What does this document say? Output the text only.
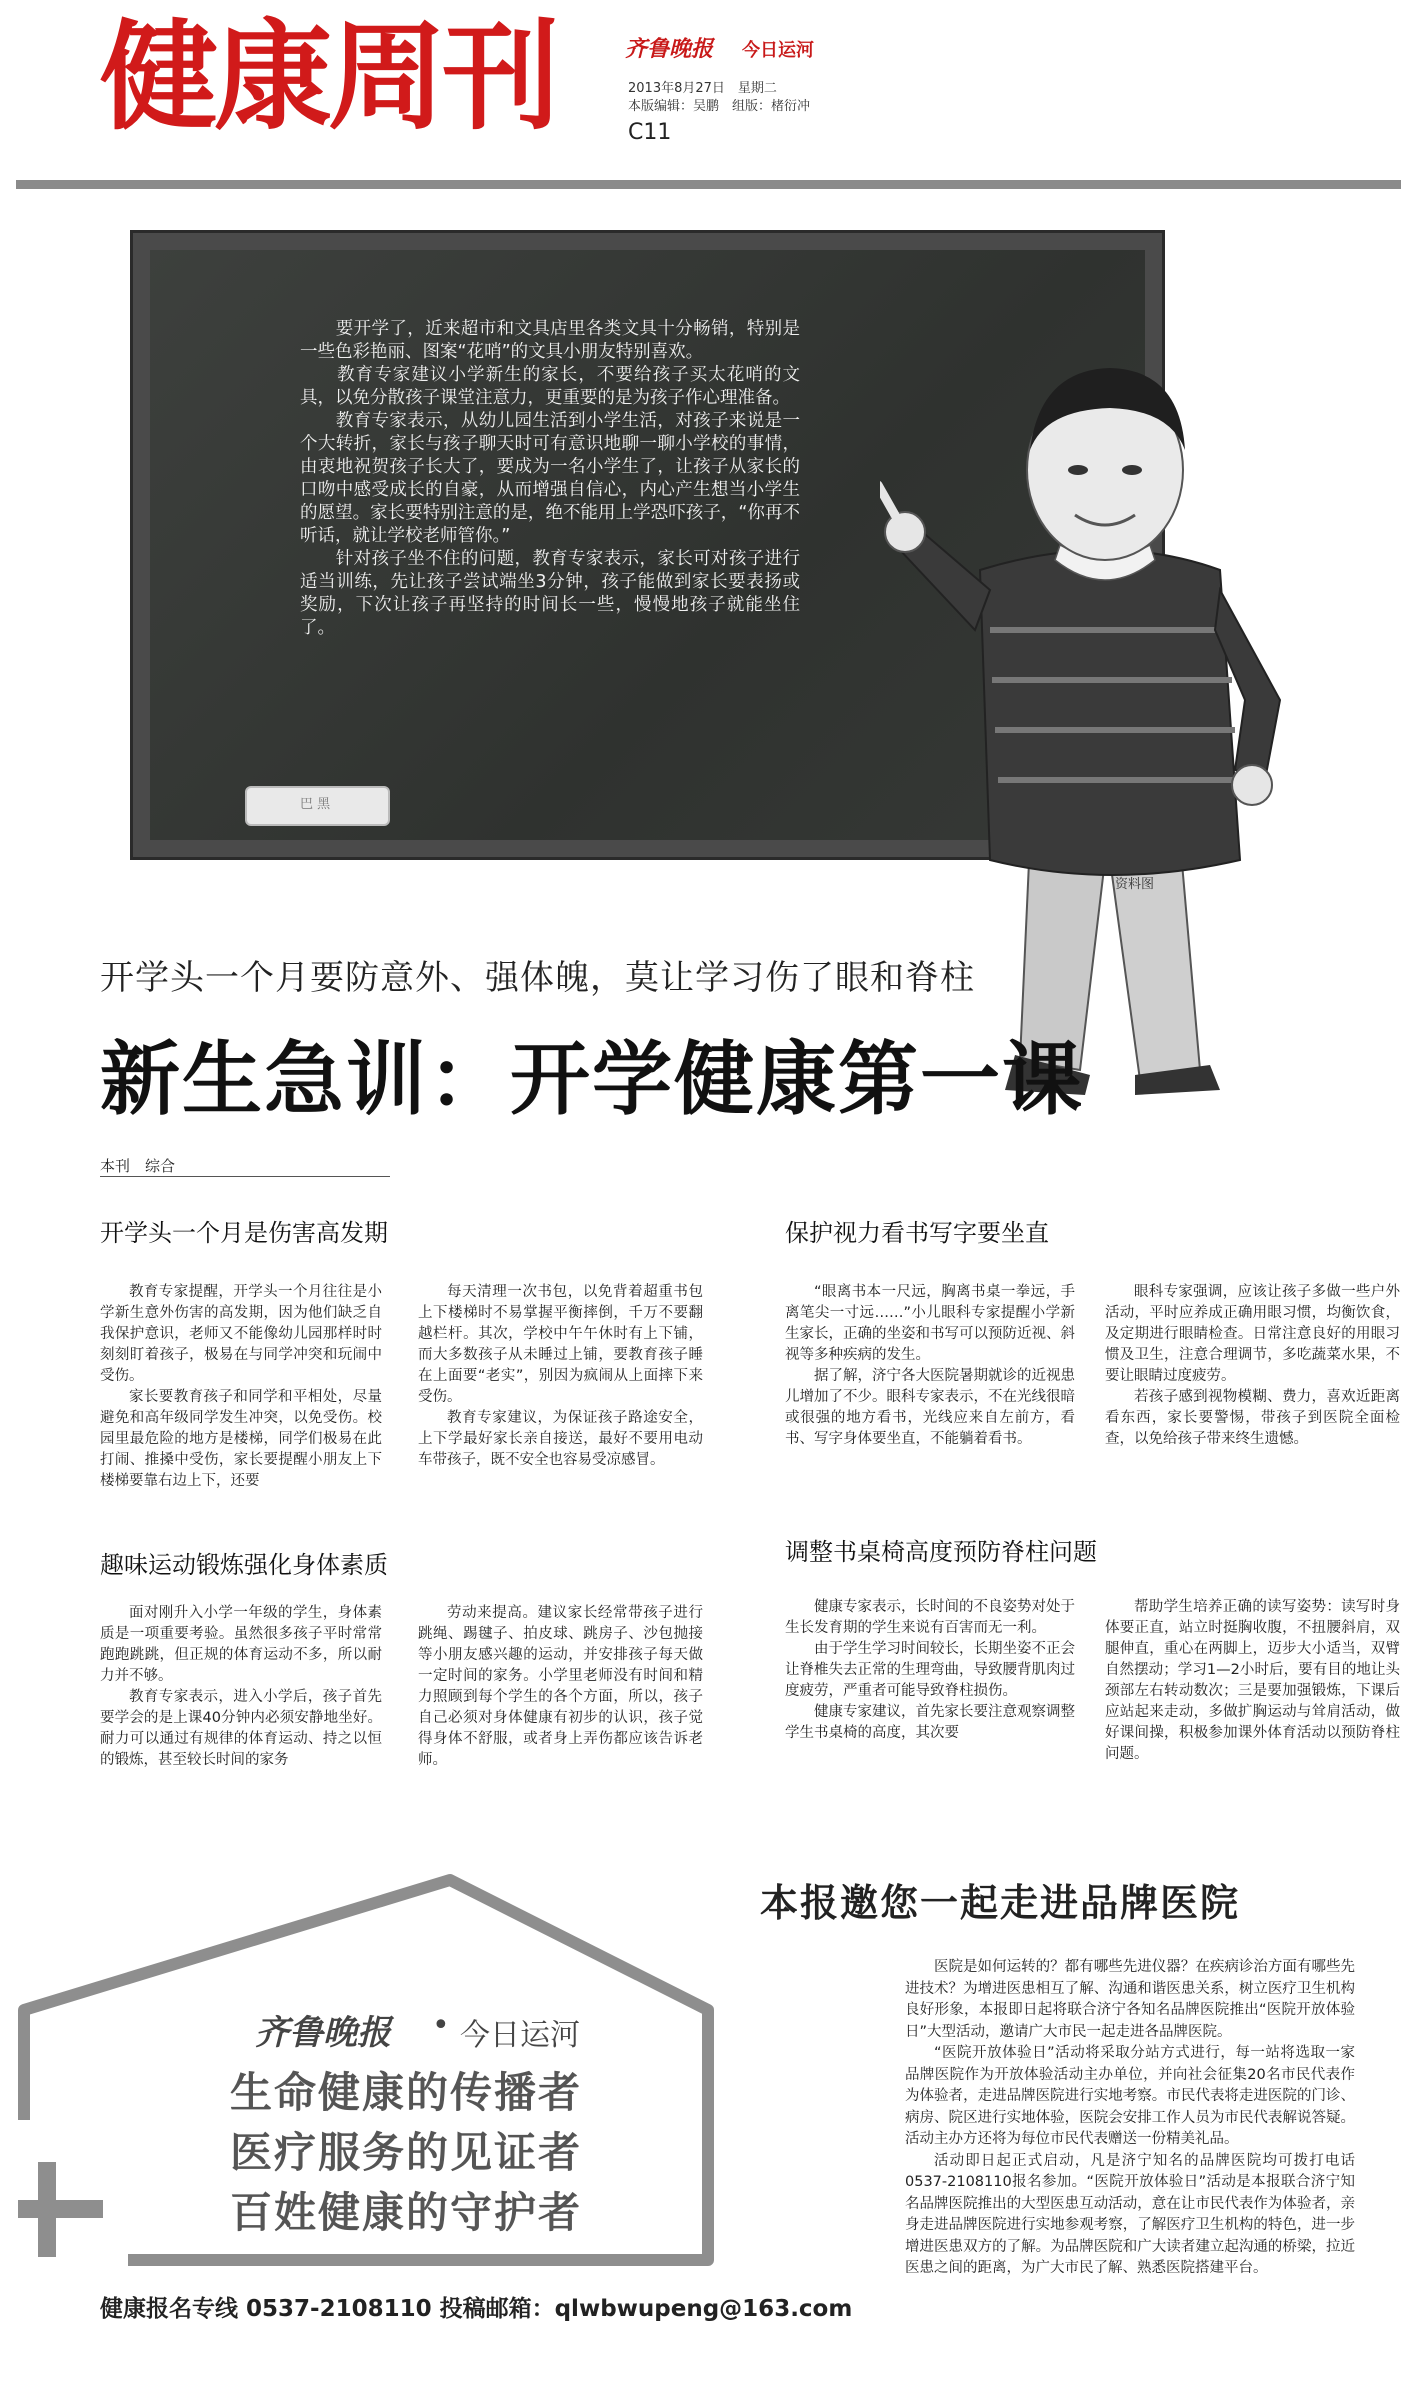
健康周刊	齐鲁晚报 今日运河
2013年8月27日　星期二
本版编辑：吴鹏　组版：楮衍冲
C11
　　要开学了，近来超市和文具店里各类文具十分畅销，特别是一些色彩艳丽、图案“花哨”的文具小朋友特别喜欢。
　　教育专家建议小学新生的家长，不要给孩子买太花哨的文具，以免分散孩子课堂注意力，更重要的是为孩子作心理准备。
　　教育专家表示，从幼儿园生活到小学生活，对孩子来说是一个大转折，家长与孩子聊天时可有意识地聊一聊小学校的事情，由衷地祝贺孩子长大了，要成为一名小学生了，让孩子从家长的口吻中感受成长的自豪，从而增强自信心，内心产生想当小学生的愿望。家长要特别注意的是，绝不能用上学恐吓孩子，“你再不听话，就让学校老师管你。”
　　针对孩子坐不住的问题，教育专家表示，家长可对孩子进行适当训练，先让孩子尝试端坐3分钟，孩子能做到家长要表扬或奖励，下次让孩子再坚持的时间长一些，慢慢地孩子就能坐住了。
巴 黑
资料图
开学头一个月要防意外、强体魄，莫让学习伤了眼和脊柱
新生急训：开学健康第一课
本刊　综合
开学头一个月是伤害高发期

教育专家提醒，开学头一个月往往是小学新生意外伤害的高发期，因为他们缺乏自我保护意识，老师又不能像幼儿园那样时时刻刻盯着孩子，极易在与同学冲突和玩闹中受伤。

家长要教育孩子和同学和平相处，尽量避免和高年级同学发生冲突，以免受伤。校园里最危险的地方是楼梯，同学们极易在此打闹、推搡中受伤，家长要提醒小朋友上下楼梯要靠右边上下，还要

每天清理一次书包，以免背着超重书包上下楼梯时不易掌握平衡摔倒，千万不要翻越栏杆。其次，学校中午午休时有上下铺，而大多数孩子从未睡过上铺，要教育孩子睡在上面要“老实”，别因为疯闹从上面摔下来受伤。

教育专家建议，为保证孩子路途安全，上下学最好家长亲自接送，最好不要用电动车带孩子，既不安全也容易受凉感冒。

趣味运动锻炼强化身体素质

面对刚升入小学一年级的学生，身体素质是一项重要考验。虽然很多孩子平时常常跑跑跳跳，但正规的体育运动不多，所以耐力并不够。

教育专家表示，进入小学后，孩子首先要学会的是上课40分钟内必须安静地坐好。耐力可以通过有规律的体育运动、持之以恒的锻炼，甚至较长时间的家务

劳动来提高。建议家长经常带孩子进行跳绳、踢毽子、拍皮球、跳房子、沙包抛接等小朋友感兴趣的运动，并安排孩子每天做一定时间的家务。小学里老师没有时间和精力照顾到每个学生的各个方面，所以，孩子自己必须对身体健康有初步的认识，孩子觉得身体不舒服，或者身上弄伤都应该告诉老师。

保护视力看书写字要坐直

“眼离书本一尺远，胸离书桌一拳远，手离笔尖一寸远……”小儿眼科专家提醒小学新生家长，正确的坐姿和书写可以预防近视、斜视等多种疾病的发生。

据了解，济宁各大医院暑期就诊的近视患儿增加了不少。眼科专家表示，不在光线很暗或很强的地方看书，光线应来自左前方，看书、写字身体要坐直，不能躺着看书。

眼科专家强调，应该让孩子多做一些户外活动，平时应养成正确用眼习惯，均衡饮食，及定期进行眼睛检查。日常注意良好的用眼习惯及卫生，注意合理调节，多吃蔬菜水果，不要让眼睛过度疲劳。

若孩子感到视物模糊、费力，喜欢近距离看东西，家长要警惕，带孩子到医院全面检查，以免给孩子带来终生遗憾。

调整书桌椅高度预防脊柱问题

健康专家表示，长时间的不良姿势对处于生长发育期的学生来说有百害而无一利。

由于学生学习时间较长，长期坐姿不正会让脊椎失去正常的生理弯曲，导致腰背肌肉过度疲劳，严重者可能导致脊柱损伤。

健康专家建议，首先家长要注意观察调整学生书桌椅的高度，其次要

帮助学生培养正确的读写姿势：读写时身体要正直，站立时挺胸收腹，不扭腰斜肩，双腿伸直，重心在两脚上，迈步大小适当，双臂自然摆动；学习1—2小时后，要有目的地让头颈部左右转动数次；三是要加强锻炼，下课后应站起来走动，多做扩胸运动与耸肩活动，做好课间操，积极参加课外体育活动以预防脊柱问题。

齐鲁晚报 • 今日运河
生命健康的传播者
医疗服务的见证者
百姓健康的守护者
健康报名专线 0537-2108110 投稿邮箱：qlwbwupeng@163.com
本报邀您一起走进品牌医院

医院是如何运转的？都有哪些先进仪器？在疾病诊治方面有哪些先进技术？为增进医患相互了解、沟通和谐医患关系，树立医疗卫生机构良好形象，本报即日起将联合济宁各知名品牌医院推出“医院开放体验日”大型活动，邀请广大市民一起走进各品牌医院。

“医院开放体验日”活动将采取分站方式进行，每一站将选取一家品牌医院作为开放体验活动主办单位，并向社会征集20名市民代表作为体验者，走进品牌医院进行实地考察。市民代表将走进医院的门诊、病房、院区进行实地体验，医院会安排工作人员为市民代表解说答疑。活动主办方还将为每位市民代表赠送一份精美礼品。

活动即日起正式启动，凡是济宁知名的品牌医院均可拨打电话0537-2108110报名参加。“医院开放体验日”活动是本报联合济宁知名品牌医院推出的大型医患互动活动，意在让市民代表作为体验者，亲身走进品牌医院进行实地参观考察，了解医疗卫生机构的特色，进一步增进医患双方的了解。为品牌医院和广大读者建立起沟通的桥梁，拉近医患之间的距离，为广大市民了解、熟悉医院搭建平台。
